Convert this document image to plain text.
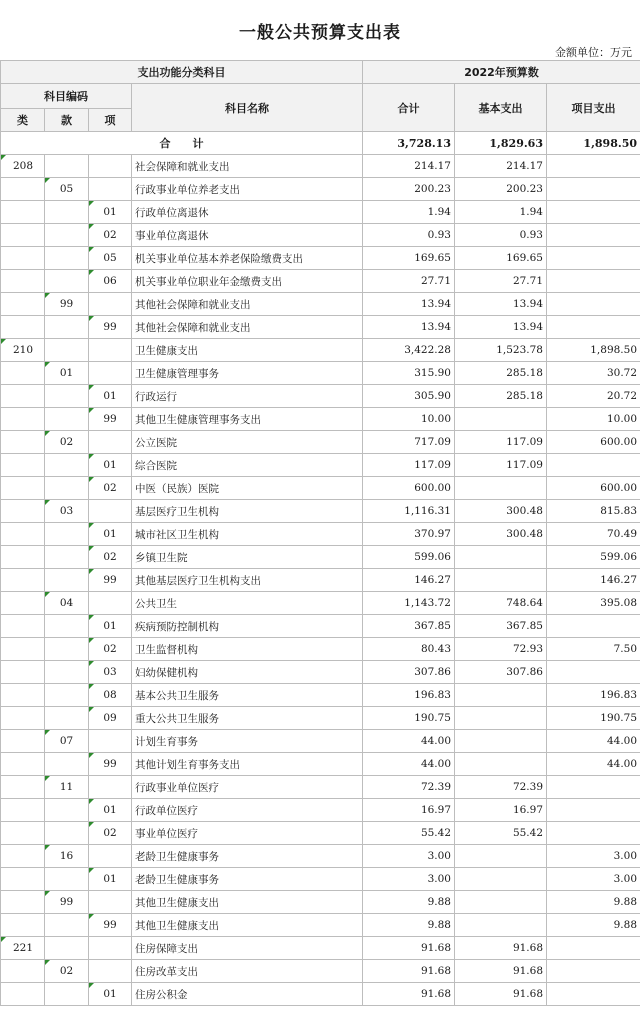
一般公共预算支出表
金额单位：万元
支出功能分类科目				2022年预算数		
科目编码			科目名称	合计	基本支出	项目支出
类	款	项				
合　　计				3,728.13	1,829.63	1,898.50
208			社会保障和就业支出	214.17	214.17	
	05		行政事业单位养老支出	200.23	200.23	
		01	行政单位离退休	1.94	1.94	
		02	事业单位离退休	0.93	0.93	
		05	机关事业单位基本养老保险缴费支出	169.65	169.65	
		06	机关事业单位职业年金缴费支出	27.71	27.71	
	99		其他社会保障和就业支出	13.94	13.94	
		99	其他社会保障和就业支出	13.94	13.94	
210			卫生健康支出	3,422.28	1,523.78	1,898.50
	01		卫生健康管理事务	315.90	285.18	30.72
		01	行政运行	305.90	285.18	20.72
		99	其他卫生健康管理事务支出	10.00		10.00
	02		公立医院	717.09	117.09	600.00
		01	综合医院	117.09	117.09	
		02	中医（民族）医院	600.00		600.00
	03		基层医疗卫生机构	1,116.31	300.48	815.83
		01	城市社区卫生机构	370.97	300.48	70.49
		02	乡镇卫生院	599.06		599.06
		99	其他基层医疗卫生机构支出	146.27		146.27
	04		公共卫生	1,143.72	748.64	395.08
		01	疾病预防控制机构	367.85	367.85	
		02	卫生监督机构	80.43	72.93	7.50
		03	妇幼保健机构	307.86	307.86	
		08	基本公共卫生服务	196.83		196.83
		09	重大公共卫生服务	190.75		190.75
	07		计划生育事务	44.00		44.00
		99	其他计划生育事务支出	44.00		44.00
	11		行政事业单位医疗	72.39	72.39	
		01	行政单位医疗	16.97	16.97	
		02	事业单位医疗	55.42	55.42	
	16		老龄卫生健康事务	3.00		3.00
		01	老龄卫生健康事务	3.00		3.00
	99		其他卫生健康支出	9.88		9.88
		99	其他卫生健康支出	9.88		9.88
221			住房保障支出	91.68	91.68	
	02		住房改革支出	91.68	91.68	
		01	住房公积金	91.68	91.68	
